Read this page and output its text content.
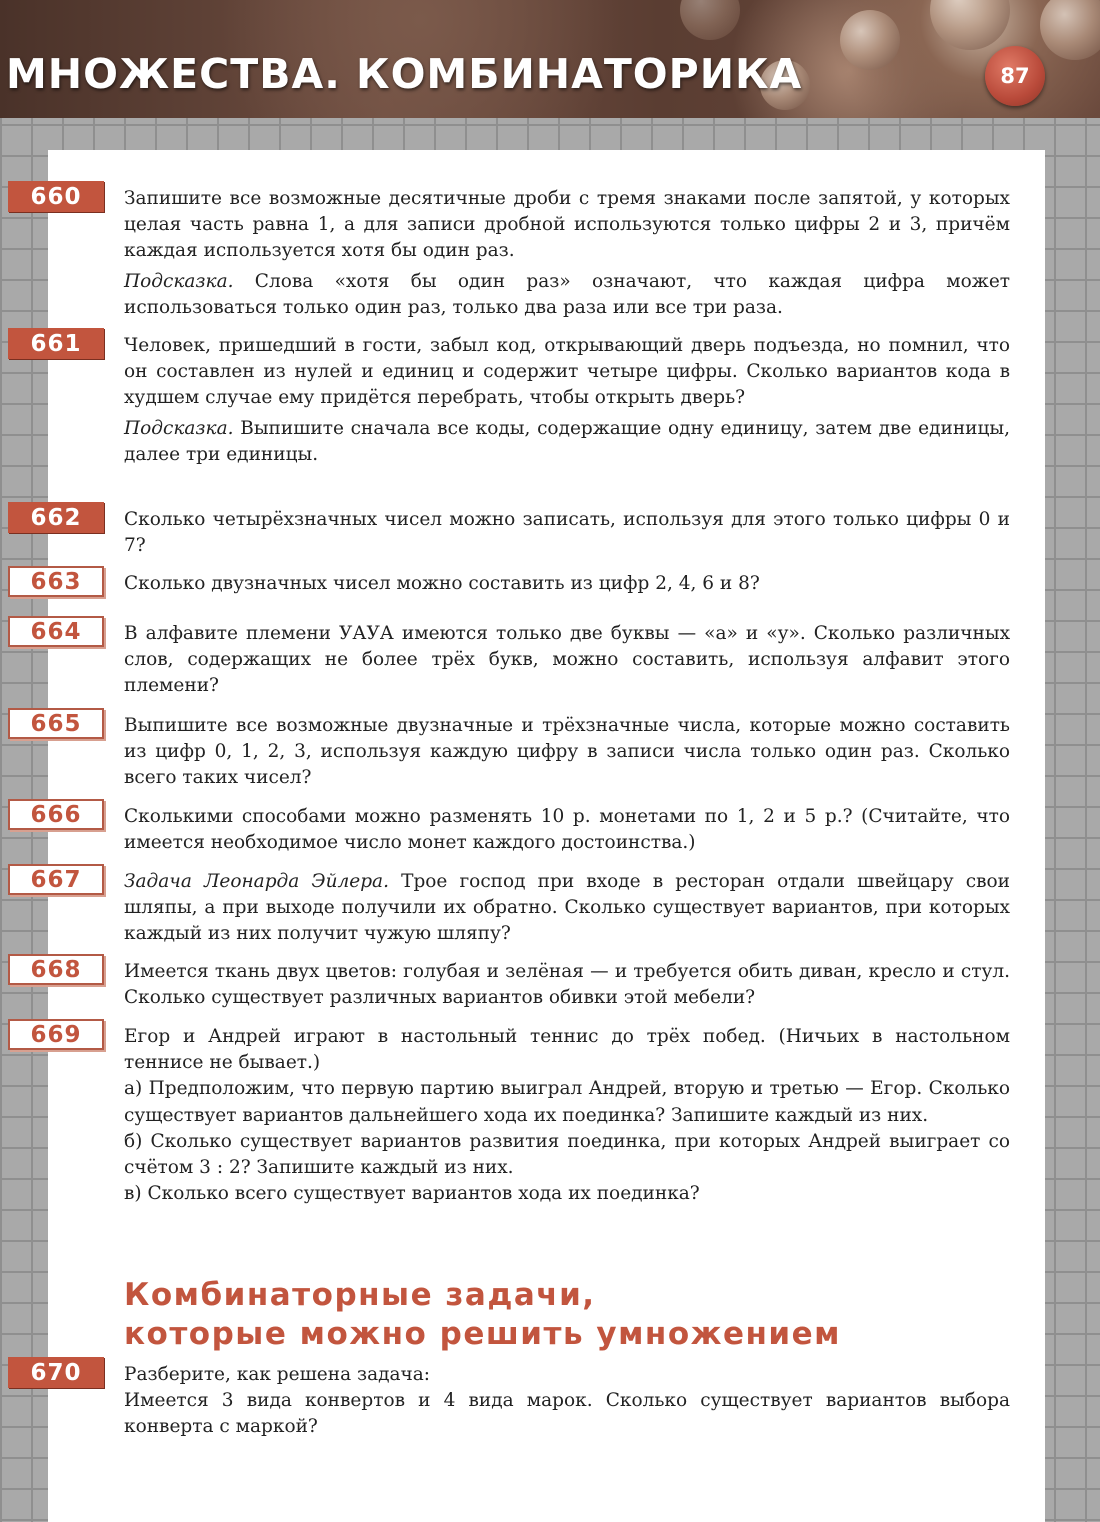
МНОЖЕСТВА. КОМБИНАТОРИКА	87
660	Запишите все возможные десятичные дроби с тремя знаками после запятой, у которых целая часть равна 1, а для записи дробной используются только цифры 2 и 3, причём каждая используется хотя бы один раз.

Подсказка. Слова «хотя бы один раз» означают, что каждая цифра может использоваться только один раз, только два раза или все три раза.

661	Человек, пришедший в гости, забыл код, открывающий дверь подъезда, но помнил, что он составлен из нулей и единиц и содержит четыре цифры. Сколько вариантов кода в худшем случае ему придётся перебрать, чтобы открыть дверь?

Подсказка. Выпишите сначала все коды, содержащие одну единицу, затем две единицы, далее три единицы.

662	Сколько четырёхзначных чисел можно записать, используя для этого только цифры 0 и 7?

663	Сколько двузначных чисел можно составить из цифр 2, 4, 6 и 8?

664	В алфавите племени УАУА имеются только две буквы — «а» и «у». Сколько различных слов, содержащих не более трёх букв, можно составить, используя алфавит этого племени?

665	Выпишите все возможные двузначные и трёхзначные числа, которые можно составить из цифр 0, 1, 2, 3, используя каждую цифру в записи числа только один раз. Сколько всего таких чисел?

666	Сколькими способами можно разменять 10 р. монетами по 1, 2 и 5 р.? (Считайте, что имеется необходимое число монет каждого достоинства.)

667	Задача Леонарда Эйлера. Трое господ при входе в ресторан отдали швейцару свои шляпы, а при выходе получили их обратно. Сколько существует вариантов, при которых каждый из них получит чужую шляпу?

668	Имеется ткань двух цветов: голубая и зелёная — и требуется обить диван, кресло и стул. Сколько существует различных вариантов обивки этой мебели?

669	Егор и Андрей играют в настольный теннис до трёх побед. (Ничьих в настольном теннисе не бывает.)

а) Предположим, что первую партию выиграл Андрей, вторую и третью — Егор. Сколько существует вариантов дальнейшего хода их поединка? Запишите каждый из них.

б) Сколько существует вариантов развития поединка, при которых Андрей выиграет со счётом 3 : 2? Запишите каждый из них.

в) Сколько всего существует вариантов хода их поединка?

Комбинаторные задачи,
которые можно решить умножением
670	Разберите, как решена задача:

Имеется 3 вида конвертов и 4 вида марок. Сколько существует вариантов выбора конверта с маркой?
